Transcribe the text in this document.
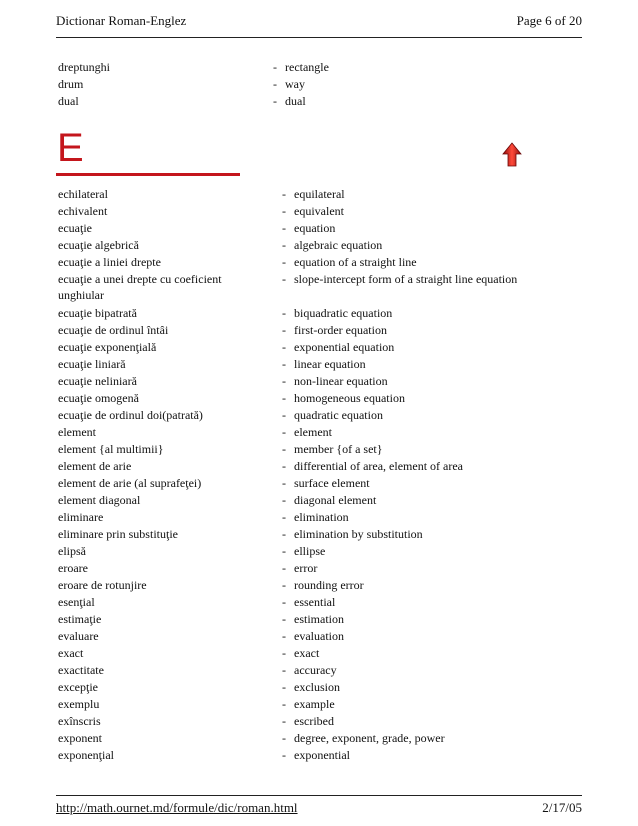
Dictionar Roman-Englez	Page 6 of 20
dreptunghi	- rectangle
drum	- way
dual	- dual
E
echilateral	- equilateral
echivalent	- equivalent
ecuaţie	- equation
ecuaţie algebrică	- algebraic equation
ecuaţie a liniei drepte	- equation of a straight line
ecuaţie a unei drepte cu coeficient unghiular
- slope-intercept form of a straight line equation
ecuaţie bipatrată	- biquadratic equation
ecuaţie de ordinul întâi	- first-order equation
ecuaţie exponenţială	- exponential equation
ecuaţie liniară	- linear equation
ecuaţie neliniară	- non-linear equation
ecuaţie omogenă	- homogeneous equation
ecuaţie de ordinul doi(patrată)	- quadratic equation
element	- element
element {al multimii}	- member {of a set}
element de arie	- differential of area, element of area
element de arie (al suprafeţei)	- surface element
element diagonal	- diagonal element
eliminare	- elimination
eliminare prin substituţie	- elimination by substitution
elipsă	- ellipse
eroare	- error
eroare de rotunjire	- rounding error
esenţial	- essential
estimaţie	- estimation
evaluare	- evaluation
exact	- exact
exactitate	- accuracy
excepţie	- exclusion
exemplu	- example
exînscris	- escribed
exponent	- degree, exponent, grade, power
exponenţial	- exponential
http://math.ournet.md/formule/dic/roman.html	2/17/05
